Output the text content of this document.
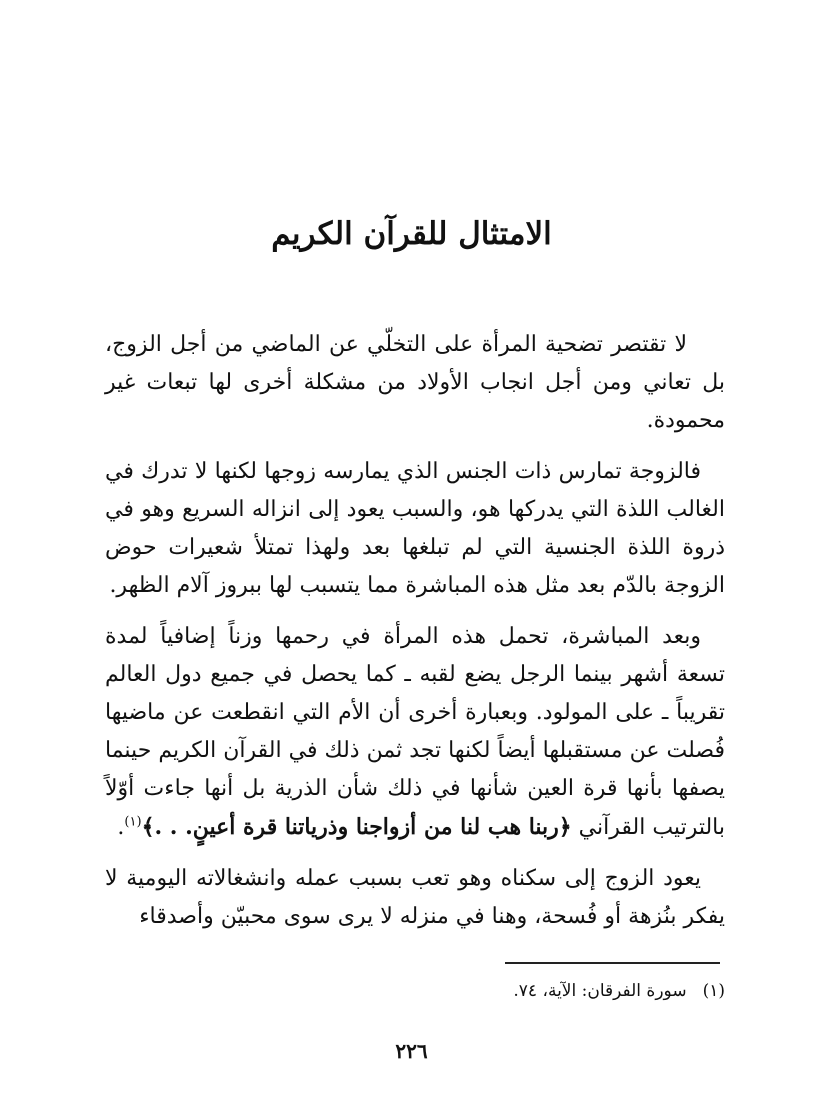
الامتثال للقرآن الكريم

لا تقتصر تضحية المرأة على التخلّي عن الماضي من أجل الزوج، بل تعاني ومن أجل انجاب الأولاد من مشكلة أخرى لها تبعات غير محمودة.

فالزوجة تمارس ذات الجنس الذي يمارسه زوجها لكنها لا تدرك في الغالب اللذة التي يدركها هو، والسبب يعود إلى انزاله السريع وهو في ذروة اللذة الجنسية التي لم تبلغها بعد ولهذا تمتلأ شعيرات حوض الزوجة بالدّم بعد مثل هذه المباشرة مما يتسبب لها ببروز آلام الظهر.

وبعد المباشرة، تحمل هذه المرأة في رحمها وزناً إضافياً لمدة تسعة أشهر بينما الرجل يضع لقبه ـ كما يحصل في جميع دول العالم تقريباً ـ على المولود. وبعبارة أخرى أن الأم التي انقطعت عن ماضيها فُصلت عن مستقبلها أيضاً لكنها تجد ثمن ذلك في القرآن الكريم حينما يصفها بأنها قرة العين شأنها في ذلك شأن الذرية بل أنها جاءت أوّلاً بالترتيب القرآني ﴿ربنا هب لنا من أزواجنا وذرياتنا قرة أعينٍ. . .﴾$^{(١)}$.

يعود الزوج إلى سكناه وهو تعب بسبب عمله وانشغالاته اليومية لا يفكر بنُزهة أو فُسحة، وهنا في منزله لا يرى سوى محبيّن وأصدقاء

(١)سورة الفرقان: الآية، ٧٤.
٢٢٦
